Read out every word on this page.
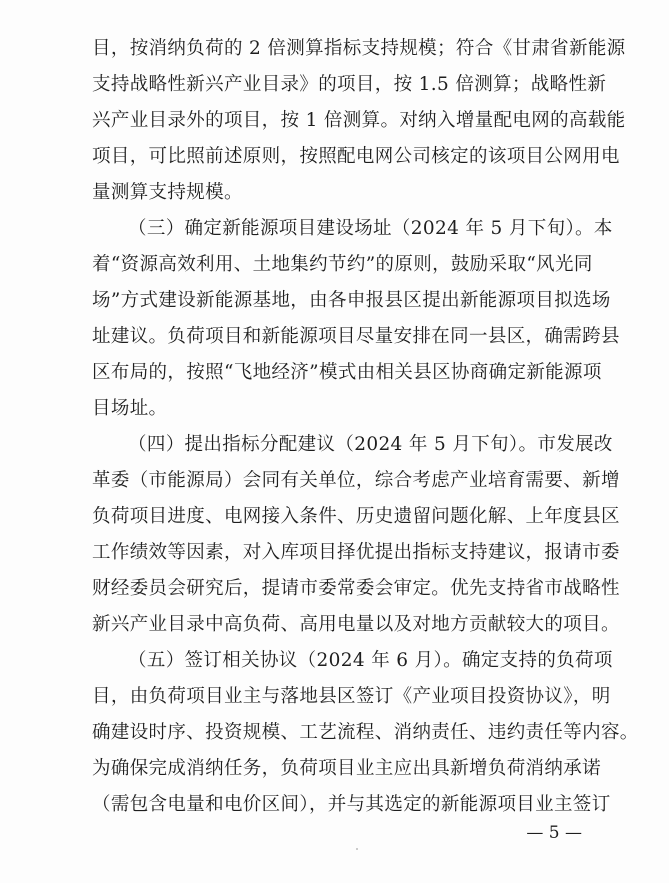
目，按消纳负荷的 2 倍测算指标支持规模；符合《甘肃省新能源
支持战略性新兴产业目录》的项目，按 1.5 倍测算；战略性新
兴产业目录外的项目，按 1 倍测算。对纳入增量配电网的高载能
项目，可比照前述原则，按照配电网公司核定的该项目公网用电
量测算支持规模。
（三）确定新能源项目建设场址（2024 年 5 月下旬）。本
着“资源高效利用、土地集约节约”的原则，鼓励采取“风光同
场”方式建设新能源基地，由各申报县区提出新能源项目拟选场
址建议。负荷项目和新能源项目尽量安排在同一县区，确需跨县
区布局的，按照“飞地经济”模式由相关县区协商确定新能源项
目场址。
（四）提出指标分配建议（2024 年 5 月下旬）。市发展改
革委（市能源局）会同有关单位，综合考虑产业培育需要、新增
负荷项目进度、电网接入条件、历史遗留问题化解、上年度县区
工作绩效等因素，对入库项目择优提出指标支持建议，报请市委
财经委员会研究后，提请市委常委会审定。优先支持省市战略性
新兴产业目录中高负荷、高用电量以及对地方贡献较大的项目。
（五）签订相关协议（2024 年 6 月）。确定支持的负荷项
目，由负荷项目业主与落地县区签订《产业项目投资协议》，明
确建设时序、投资规模、工艺流程、消纳责任、违约责任等内容。
为确保完成消纳任务，负荷项目业主应出具新增负荷消纳承诺
（需包含电量和电价区间），并与其选定的新能源项目业主签订
— 5 —
